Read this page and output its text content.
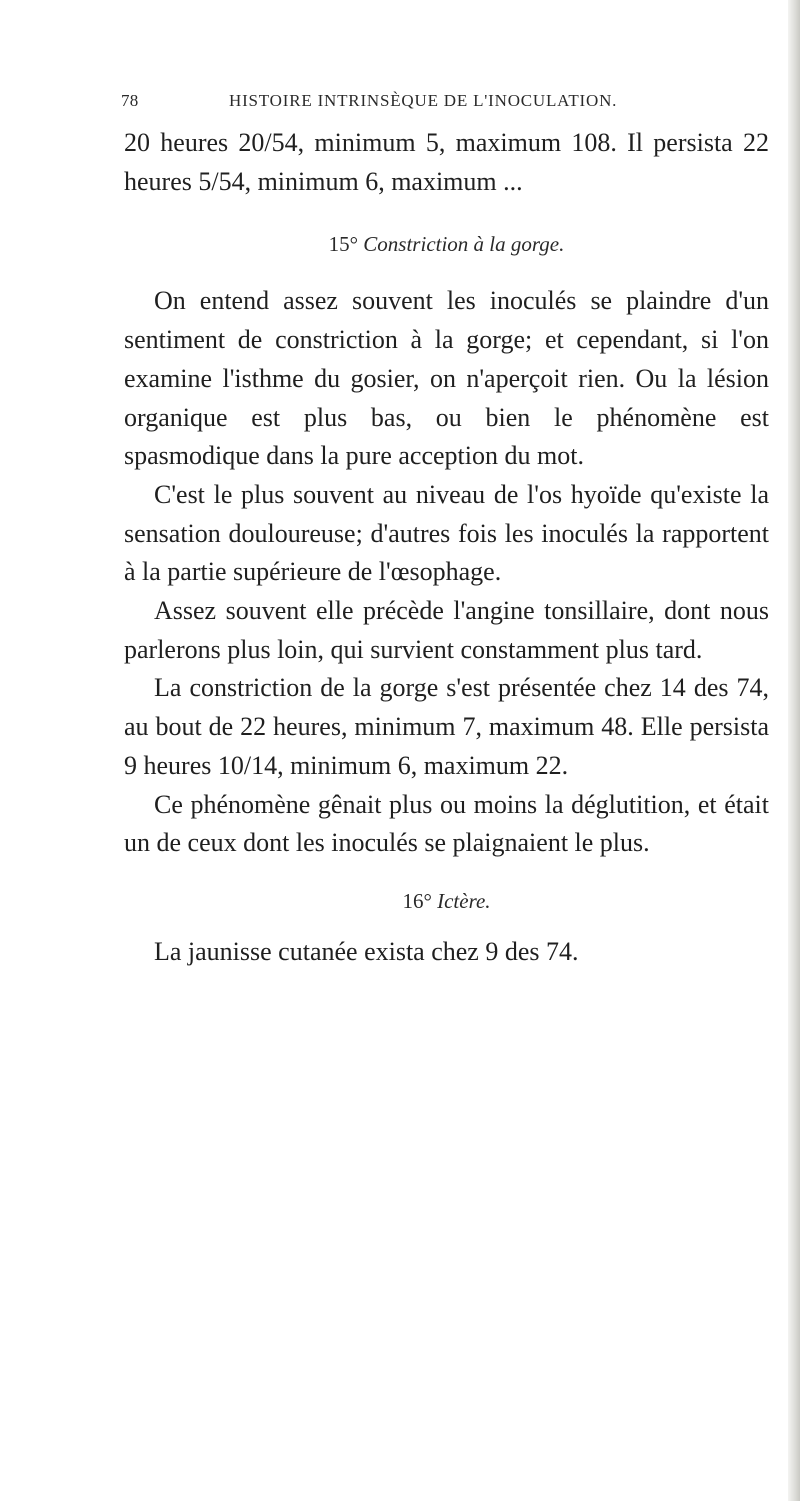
78	HISTOIRE INTRINSÈQUE DE L'INOCULATION.

20 heures 20/54, minimum 5, maximum 108. Il persista 22 heures 5/54, minimum 6, maximum ...

15° Constriction à la gorge.

On entend assez souvent les inoculés se plaindre d'un sentiment de constriction à la gorge; et cependant, si l'on examine l'isthme du gosier, on n'aperçoit rien. Ou la lésion organique est plus bas, ou bien le phénomène est spasmodique dans la pure acception du mot.

C'est le plus souvent au niveau de l'os hyoïde qu'existe la sensation douloureuse; d'autres fois les inoculés la rapportent à la partie supérieure de l'œsophage.

Assez souvent elle précède l'angine tonsillaire, dont nous parlerons plus loin, qui survient constamment plus tard.

La constriction de la gorge s'est présentée chez 14 des 74, au bout de 22 heures, minimum 7, maximum 48. Elle persista 9 heures 10/14, minimum 6, maximum 22.

Ce phénomène gênait plus ou moins la déglutition, et était un de ceux dont les inoculés se plaignaient le plus.

16° Ictère.

La jaunisse cutanée exista chez 9 des 74.
